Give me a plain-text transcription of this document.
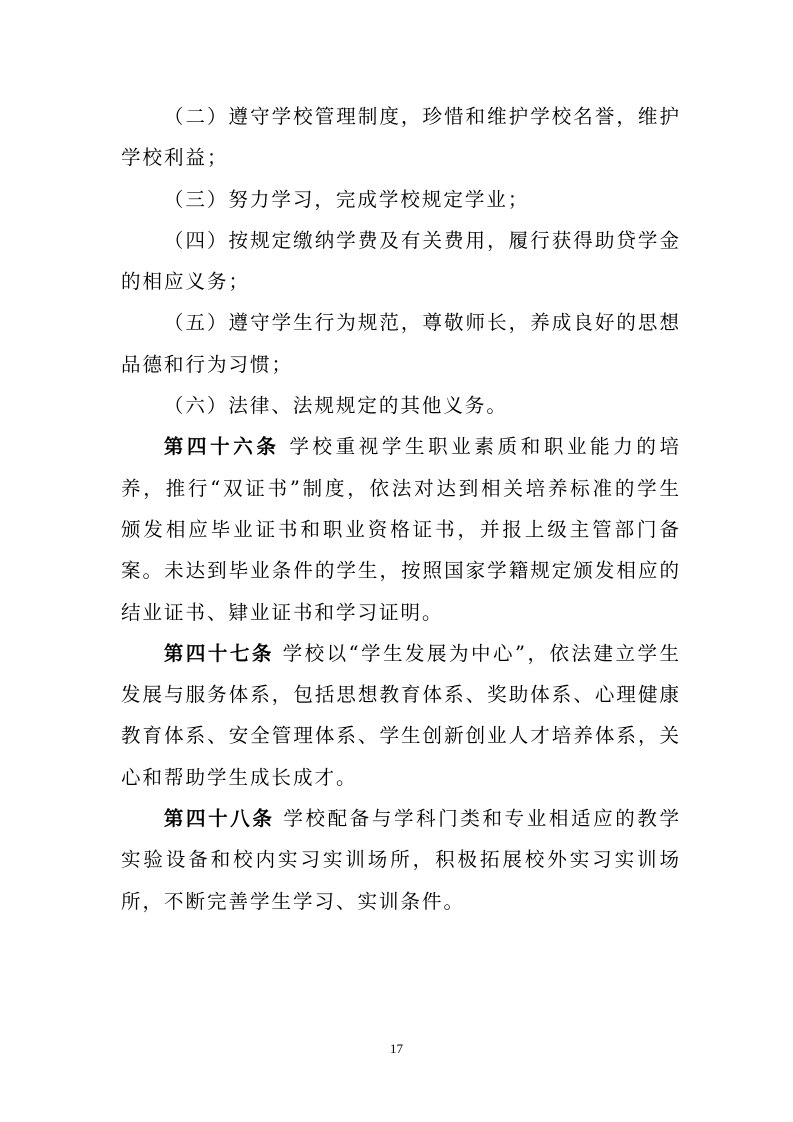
（二）遵守学校管理制度，珍惜和维护学校名誉，维护学校利益；

（三）努力学习，完成学校规定学业；

（四）按规定缴纳学费及有关费用，履行获得助贷学金的相应义务；

（五）遵守学生行为规范，尊敬师长，养成良好的思想品德和行为习惯；

（六）法律、法规规定的其他义务。

第四十六条 学校重视学生职业素质和职业能力的培养，推行“双证书”制度，依法对达到相关培养标准的学生颁发相应毕业证书和职业资格证书，并报上级主管部门备案。未达到毕业条件的学生，按照国家学籍规定颁发相应的结业证书、肄业证书和学习证明。

第四十七条 学校以“学生发展为中心”，依法建立学生发展与服务体系，包括思想教育体系、奖助体系、心理健康教育体系、安全管理体系、学生创新创业人才培养体系，关心和帮助学生成长成才。

第四十八条 学校配备与学科门类和专业相适应的教学实验设备和校内实习实训场所，积极拓展校外实习实训场所，不断完善学生学习、实训条件。

17
